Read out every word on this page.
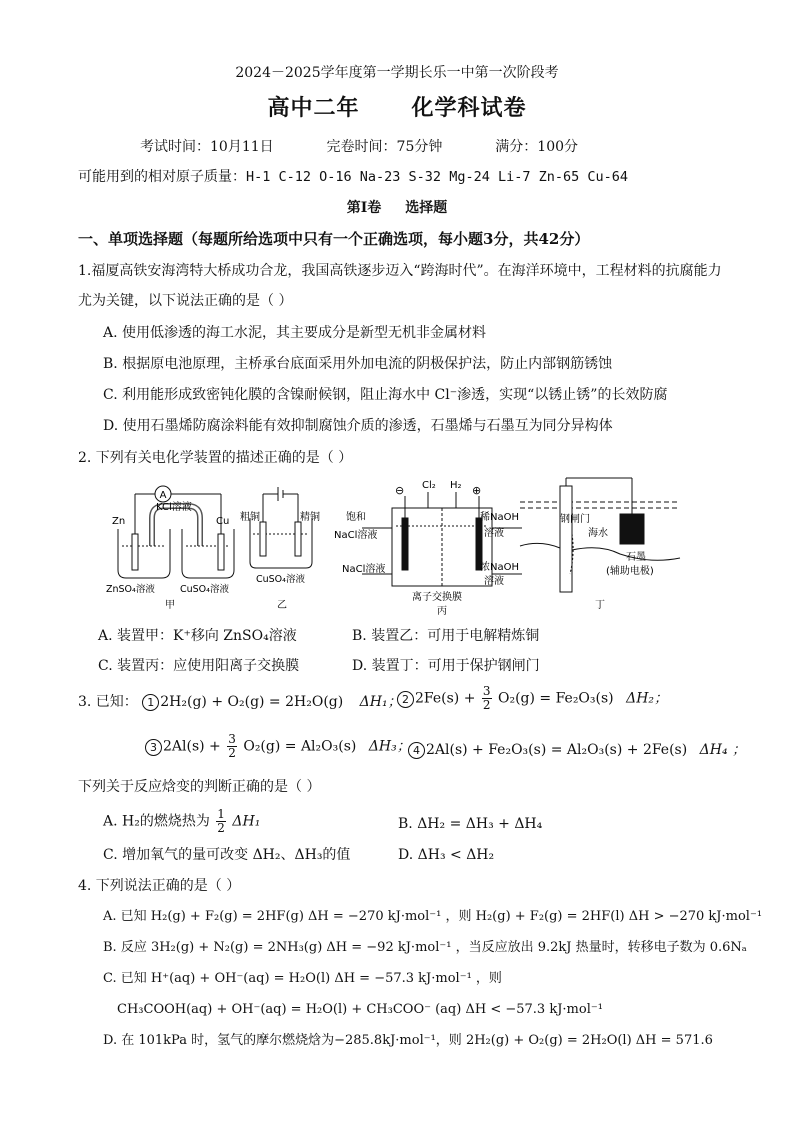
2024－2025学年度第一学期长乐一中第一次阶段考
高中二年 化学科试卷
考试时间：10月11日	完卷时间：75分钟	满分：100分
可能用到的相对原子质量：H-1 C-12 O-16 Na-23 S-32 Mg-24 Li-7 Zn-65 Cu-64
第Ⅰ卷 选择题
一、单项选择题（每题所给选项中只有一个正确选项，每小题3分，共42分）
1.福厦高铁安海湾特大桥成功合龙，我国高铁逐步迈入“跨海时代”。在海洋环境中，工程材料的抗腐能力
尤为关键，以下说法正确的是（ ）
A. 使用低渗透的海工水泥，其主要成分是新型无机非金属材料
B. 根据原电池原理，主桥承台底面采用外加电流的阴极保护法，防止内部钢筋锈蚀
C. 利用能形成致密钝化膜的含镍耐候钢，阻止海水中 Cl⁻渗透，实现“以锈止锈”的长效防腐
D. 使用石墨烯防腐涂料能有效抑制腐蚀介质的渗透，石墨烯与石墨互为同分异构体
2. 下列有关电化学装置的描述正确的是（ ）
A
KCl溶液
Zn	Cu
ZnSO₄溶液	CuSO₄溶液
甲
粗铜	精铜
CuSO₄溶液
乙
Cl₂ H₂
⊖	⊕
饱和
NaCl溶液
稀NaOH
溶液
NaCl溶液	浓NaOH
溶液
离子交换膜
丙
钢闸门
海水
石墨
(辅助电极)
丁
A. 装置甲：K⁺移向 ZnSO₄溶液	B. 装置乙：可用于电解精炼铜
C. 装置丙：应使用阳离子交换膜	D. 装置丁：可用于保护钢闸门
3. 已知： 1 2H₂(g) + O₂(g) = 2H₂O(g) ΔH₁； 2 $2Fe(s) + \frac{3}{2} O_2(g) = Fe_2O_3(s)$ ΔH₂；
3 $2Al(s) + \frac{3}{2} O_2(g) = Al_2O_3(s)$ ΔH₃； 4 2Al(s) + Fe₂O₃(s) = Al₂O₃(s) + 2Fe(s) ΔH₄ ；
下列关于反应焓变的判断正确的是（ ）
A. H₂的燃烧热为 $\frac{1}{2} \Delta H_1$	B. ΔH₂ = ΔH₃ + ΔH₄
C. 增加氧气的量可改变 ΔH₂、ΔH₃的值	D. ΔH₃ < ΔH₂
4. 下列说法正确的是（ ）
A. 已知 H₂(g) + F₂(g) = 2HF(g) ΔH = −270 kJ·mol⁻¹ ，则 H₂(g) + F₂(g) = 2HF(l) ΔH > −270 kJ·mol⁻¹
B. 反应 3H₂(g) + N₂(g) = 2NH₃(g) ΔH = −92 kJ·mol⁻¹ ，当反应放出 9.2kJ 热量时，转移电子数为 0.6Nₐ
C. 已知 H⁺(aq) + OH⁻(aq) = H₂O(l) ΔH = −57.3 kJ·mol⁻¹ ，则
CH₃COOH(aq) + OH⁻(aq) = H₂O(l) + CH₃COO⁻ (aq) ΔH < −57.3 kJ·mol⁻¹
D. 在 101kPa 时，氢气的摩尔燃烧焓为−285.8kJ·mol⁻¹，则 2H₂(g) + O₂(g) = 2H₂O(l) ΔH = 571.6
